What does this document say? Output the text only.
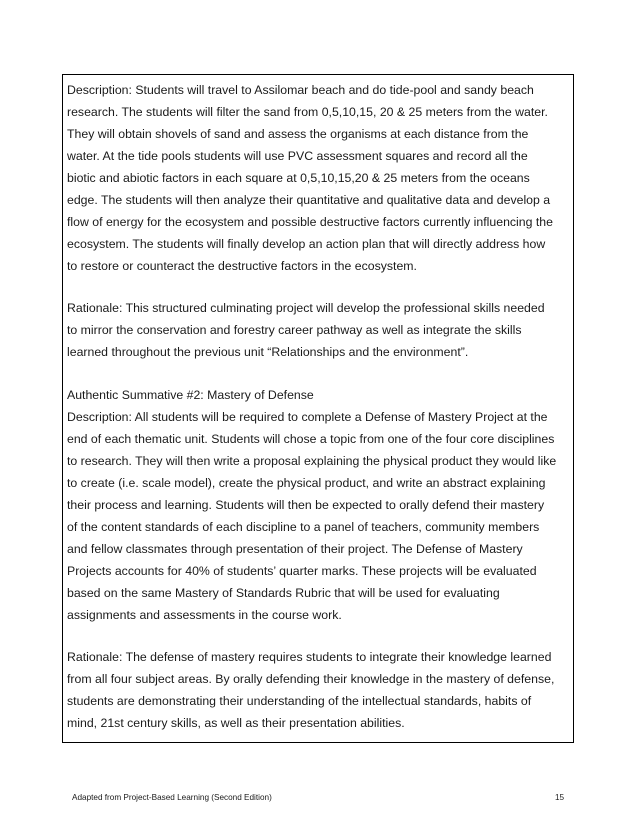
Description: Students will travel to Assilomar beach and do tide-pool and sandy beach
research. The students will filter the sand from 0,5,10,15, 20 & 25 meters from the water.
They will obtain shovels of sand and assess the organisms at each distance from the
water. At the tide pools students will use PVC assessment squares and record all the
biotic and abiotic factors in each square at 0,5,10,15,20 & 25 meters from the oceans
edge. The students will then analyze their quantitative and qualitative data and develop a
flow of energy for the ecosystem and possible destructive factors currently influencing the
ecosystem. The students will finally develop an action plan that will directly address how
to restore or counteract the destructive factors in the ecosystem.

Rationale: This structured culminating project will develop the professional skills needed
to mirror the conservation and forestry career pathway as well as integrate the skills
learned throughout the previous unit “Relationships and the environment”.

Authentic Summative #2: Mastery of Defense
Description: All students will be required to complete a Defense of Mastery Project at the
end of each thematic unit. Students will chose a topic from one of the four core disciplines
to research. They will then write a proposal explaining the physical product they would like
to create (i.e. scale model), create the physical product, and write an abstract explaining
their process and learning. Students will then be expected to orally defend their mastery
of the content standards of each discipline to a panel of teachers, community members
and fellow classmates through presentation of their project. The Defense of Mastery
Projects accounts for 40% of students’ quarter marks. These projects will be evaluated
based on the same Mastery of Standards Rubric that will be used for evaluating
assignments and assessments in the course work.

Rationale: The defense of mastery requires students to integrate their knowledge learned
from all four subject areas. By orally defending their knowledge in the mastery of defense,
students are demonstrating their understanding of the intellectual standards, habits of
mind, 21st century skills, as well as their presentation abilities.

Adapted from Project-Based Learning (Second Edition)	15
